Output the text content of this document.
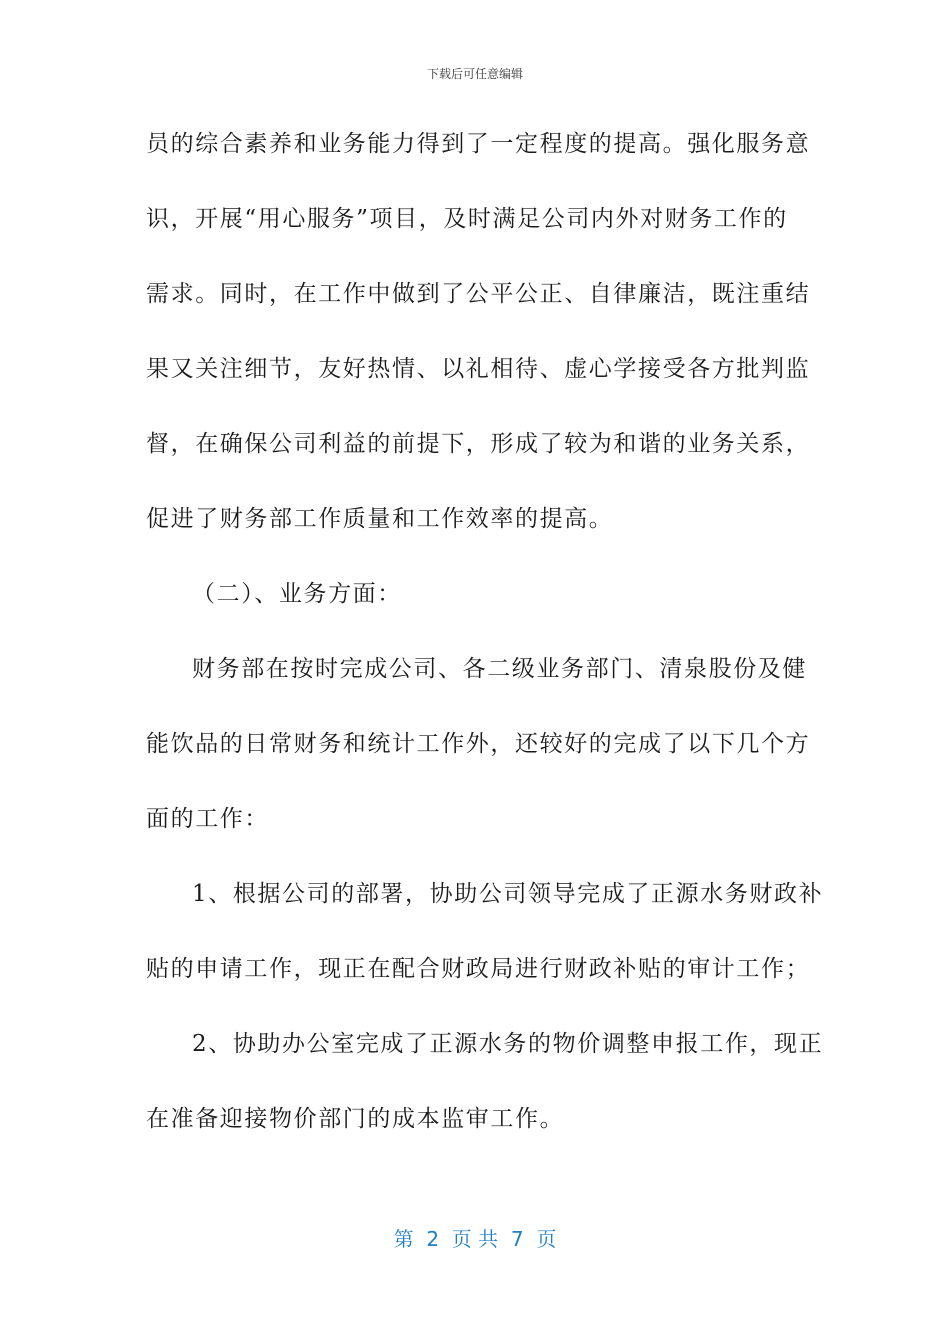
下载后可任意编辑
员的综合素养和业务能力得到了一定程度的提高。强化服务意
识，开展“用心服务”项目，及时满足公司内外对财务工作的
需求。同时，在工作中做到了公平公正、自律廉洁，既注重结
果又关注细节，友好热情、以礼相待、虚心学接受各方批判监
督，在确保公司利益的前提下，形成了较为和谐的业务关系，
促进了财务部工作质量和工作效率的提高。
（二）、业务方面：
财务部在按时完成公司、各二级业务部门、清泉股份及健
能饮品的日常财务和统计工作外，还较好的完成了以下几个方
面的工作：
1、根据公司的部署，协助公司领导完成了正源水务财政补
贴的申请工作，现正在配合财政局进行财政补贴的审计工作；
2、协助办公室完成了正源水务的物价调整申报工作，现正
在准备迎接物价部门的成本监审工作。
第  2  页 共  7  页
